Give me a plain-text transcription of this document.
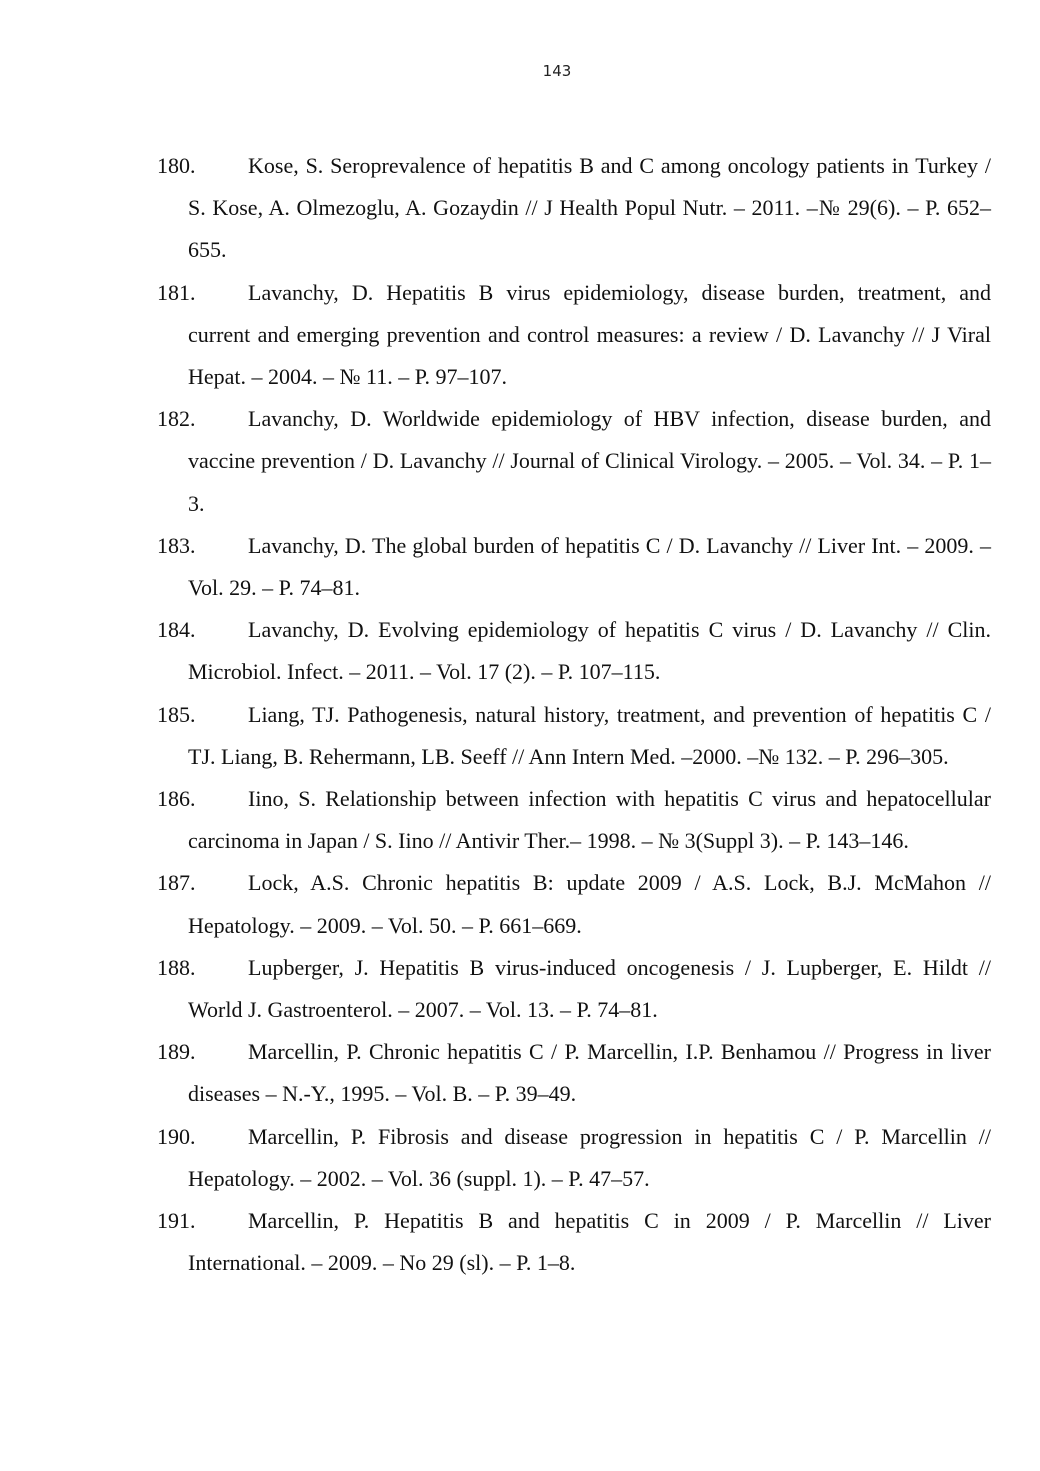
143

180. Kose, S. Seroprevalence of hepatitis B and C among oncology patients in Turkey / S. Kose, A. Olmezoglu, A. Gozaydin // J Health Popul Nutr. – 2011. –№ 29(6). – P. 652–655.

181. Lavanchy, D. Hepatitis B virus epidemiology, disease burden, treatment, and current and emerging prevention and control measures: a review / D. Lavanchy // J Viral Hepat. – 2004. – № 11. – P. 97–107.

182. Lavanchy, D. Worldwide epidemiology of HBV infection, disease burden, and vaccine prevention / D. Lavanchy // Journal of Clinical Virology. – 2005. – Vol. 34. – P. 1–3.

183. Lavanchy, D. The global burden of hepatitis C / D. Lavanchy // Liver Int. – 2009. – Vol. 29. – P. 74–81.

184. Lavanchy, D. Evolving epidemiology of hepatitis C virus / D. Lavanchy // Clin. Microbiol. Infect. – 2011. – Vol. 17 (2). – P. 107–115.

185. Liang, TJ. Pathogenesis, natural history, treatment, and prevention of hepatitis C / TJ. Liang, B. Rehermann, LB. Seeff // Ann Intern Med. –2000. –№ 132. – P. 296–305.

186. Iino, S. Relationship between infection with hepatitis C virus and hepatocellular carcinoma in Japan / S. Iino // Antivir Ther.– 1998. – № 3(Suppl 3). – P. 143–146.

187. Lock, A.S. Chronic hepatitis B: update 2009 / A.S. Lock, B.J. McMahon // Hepatology. – 2009. – Vol. 50. – P. 661–669.

188. Lupberger, J. Hepatitis B virus-induced oncogenesis / J. Lupberger, E. Hildt // World J. Gastroenterol. – 2007. – Vol. 13. – P. 74–81.

189. Marcellin, P. Chronic hepatitis C / P. Marcellin, I.P. Benhamou // Progress in liver diseases – N.-Y., 1995. – Vol. B. – P. 39–49.

190. Marcellin, P. Fibrosis and disease progression in hepatitis C / P. Marcellin // Hepatology. – 2002. – Vol. 36 (suppl. 1). – P. 47–57.

191. Marcellin, P. Hepatitis B and hepatitis C in 2009 / P. Marcellin // Liver International. – 2009. – No 29 (sl). – P. 1–8.
